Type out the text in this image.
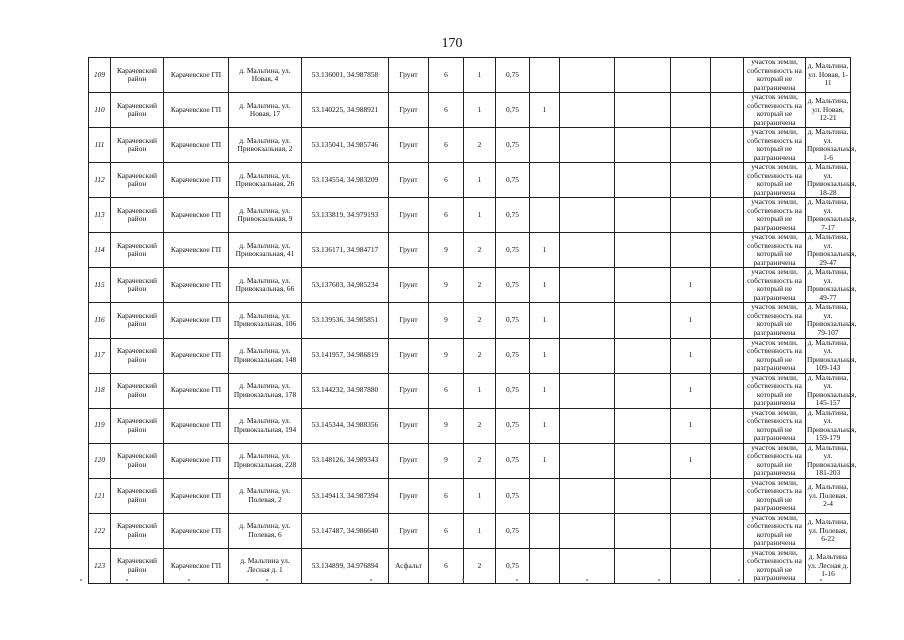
170
109	Карачевский район	Карачевское ГП	д. Мальтина, ул. Новая, 4	53.136001, 34.987858	Грунт	6	1	0,75						участок земли, собственность на который не разграничена	д. Мальтина, ул. Новая, 1-11
110	Карачевский район	Карачевское ГП	д. Мальтина, ул. Новая, 17	53.140225, 34.988921	Грунт	6	1	0,75	1					участок земли, собственность на который не разграничена	д. Мальтина, ул. Новая, 12-21
111	Карачевский район	Карачевское ГП	д. Мальтина, ул. Привокзальная, 2	53.135041, 34.985746	Грунт	6	2	0,75						участок земли, собственность на который не разграничена	д. Мальтина, ул. Привокзальная, 1-6
112	Карачевский район	Карачевское ГП	д. Мальтина, ул. Привокзальная, 26	53.134554, 34.983209	Грунт	6	1	0,75						участок земли, собственность на который не разграничена	д. Мальтина, ул. Привокзальная, 18-28
113	Карачевский район	Карачевское ГП	д. Мальтина, ул. Привокзальная, 9	53.133819, 34.979193	Грунт	6	1	0,75						участок земли, собственность на который не разграничена	д. Мальтина, ул. Привокзальная, 7-17
114	Карачевский район	Карачевское ГП	д. Мальтина, ул. Привокзальная, 41	53.136171, 34.984717	Грунт	9	2	0,75	1					участок земли, собственность на который не разграничена	д. Мальтина, ул. Привокзальная, 29-47
115	Карачевский район	Карачевское ГП	д. Мальтина, ул. Привокзальная, 66	53,137603, 34,985234	Грунт	9	2	0,75	1			1		участок земли, собственность на который не разграничена	д. Мальтина, ул. Привокзальная, 49-77
116	Карачевский район	Карачевское ГП	д. Мальтина, ул. Привокзальная, 106	53.139536, 34.985851	Грунт	9	2	0,75	1			1		участок земли, собственность на который не разграничена	д. Мальтина, ул. Привокзальная, 79-107
117	Карачевский район	Карачевское ГП	д. Мальтина, ул. Привокзальная, 148	53.141957, 34.986819	Грунт	9	2	0,75	1			1		участок земли, собственность на который не разграничена	д. Мальтина, ул. Привокзальная, 109-143
118	Карачевский район	Карачевское ГП	д. Мальтина, ул. Привокзальная, 178	53.144232, 34.987880	Грунт	6	1	0,75	1			1		участок земли, собственность на который не разграничена	д. Мальтина, ул. Привокзальная, 145-157
119	Карачевский район	Карачевское ГП	д. Мальтина, ул. Привокзальная, 194	53.145344, 34.988356	Грунт	9	2	0,75	1			1		участок земли, собственность на который не разграничена	д. Мальтина, ул. Привокзальная, 159-179
120	Карачевский район	Карачевское ГП	д. Мальтина, ул. Привокзальная, 228	53.148126, 34.989343	Грунт	9	2	0,75	1			1		участок земли, собственность на который не разграничена	д. Мальтина, ул. Привокзальная, 181-203
121	Карачевский район	Карачевское ГП	д. Мальтина, ул. Полевая, 2	53.149413, 34.987394	Грунт	6	1	0,75						участок земли, собственность на который не разграничена	д. Мальтина, ул. Полевая, 2-4
122	Карачевский район	Карачевское ГП	д. Мальтина, ул. Полевая, 6	53.147487, 34.986640	Грунт	6	1	0,75						участок земли, собственность на который не разграничена	д. Мальтина, ул. Полевая, 6-22
123	Карачевский район	Карачевское ГП	д. Мальтина ул. Лесная д. 1	53.134899, 34.976894	Асфальт	6	2	0,75						участок земли, собственность на который не разграничена	д. Мальтина ул. Лесная д. 1-16
